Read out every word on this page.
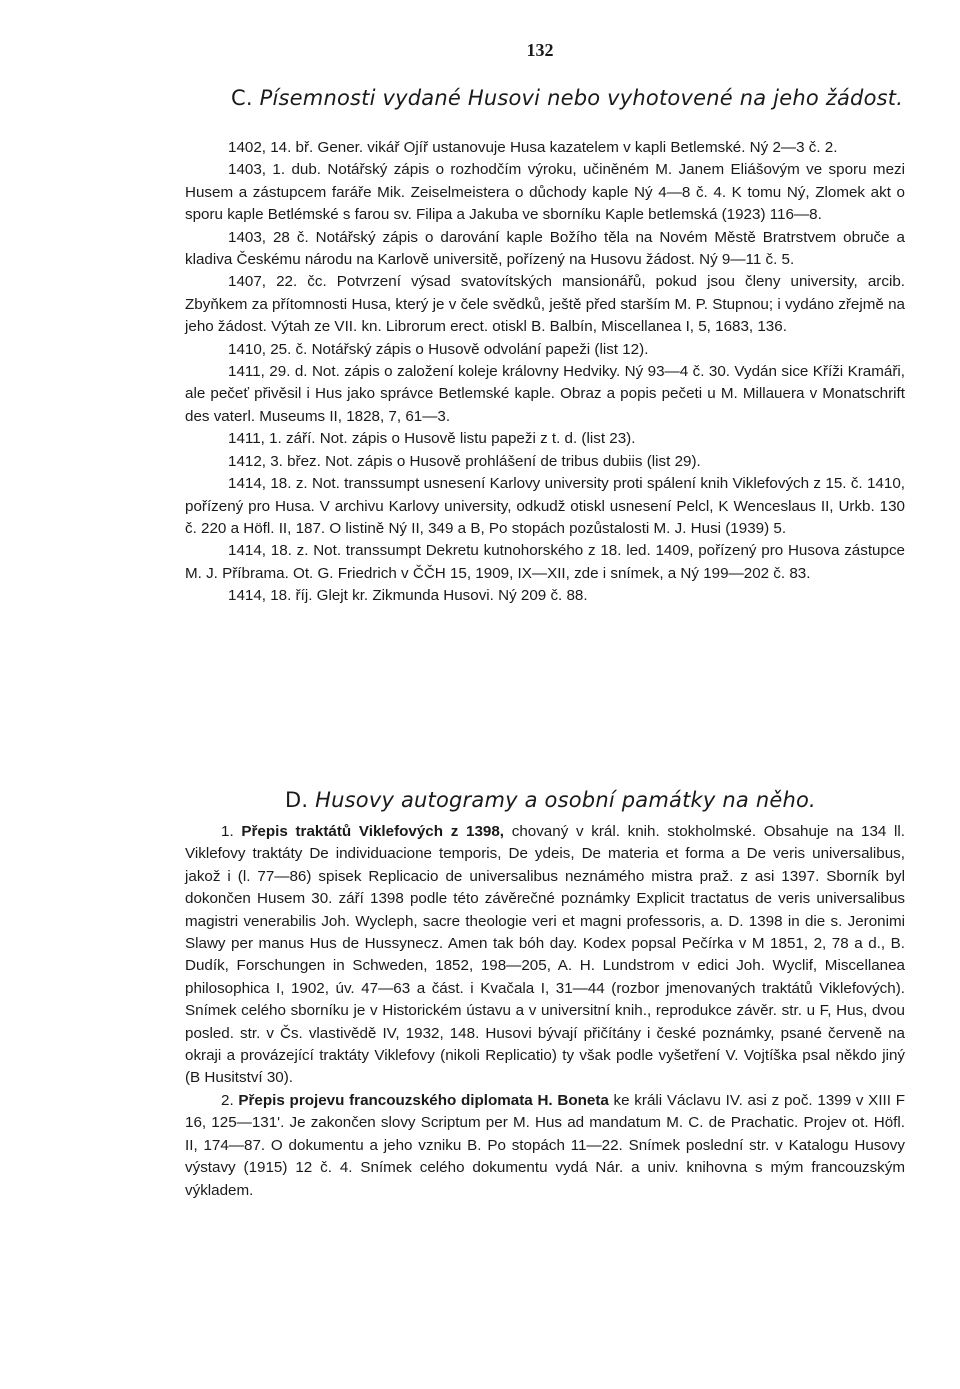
132
C. Písemnosti vydané Husovi nebo vyhotovené na jeho žádost.

1402, 14. bř. Gener. vikář Ojíř ustanovuje Husa kazatelem v kapli Betlemské. Ný 2—3 č. 2.

1403, 1. dub. Notářský zápis o rozhodčím výroku, učiněném M. Janem Eliášovým ve sporu mezi Husem a zástupcem faráře Mik. Zeiselmeistera o důchody kaple Ný 4—8 č. 4. K tomu Ný, Zlomek akt o sporu kaple Betlémské s farou sv. Filipa a Jakuba ve sborníku Kaple betlemská (1923) 116—8.

1403, 28 č. Notářský zápis o darování kaple Božího těla na Novém Městě Bratrstvem obruče a kladiva Českému národu na Karlově universitě, pořízený na Husovu žádost. Ný 9—11 č. 5.

1407, 22. čc. Potvrzení výsad svatovítských mansionářů, pokud jsou členy university, arcib. Zbyňkem za přítomnosti Husa, který je v čele svědků, ještě před starším M. P. Stupnou; i vydáno zřejmě na jeho žádost. Výtah ze VII. kn. Librorum erect. otiskl B. Balbín, Miscellanea I, 5, 1683, 136.

1410, 25. č. Notářský zápis o Husově odvolání papeži (list 12).

1411, 29. d. Not. zápis o založení koleje královny Hedviky. Ný 93—4 č. 30. Vydán sice Kříži Kramáři, ale pečeť přivěsil i Hus jako správce Betlemské kaple. Obraz a popis pečeti u M. Millauera v Monatschrift des vaterl. Museums II, 1828, 7, 61—3.

1411, 1. září. Not. zápis o Husově listu papeži z t. d. (list 23).

1412, 3. břez. Not. zápis o Husově prohlášení de tribus dubiis (list 29).

1414, 18. z. Not. transsumpt usnesení Karlovy university proti spálení knih Viklefových z 15. č. 1410, pořízený pro Husa. V archivu Karlovy university, odkudž otiskl usnesení Pelcl, K Wenceslaus II, Urkb. 130 č. 220 a Höfl. II, 187. O listině Ný II, 349 a B, Po stopách pozůstalosti M. J. Husi (1939) 5.

1414, 18. z. Not. transsumpt Dekretu kutnohorského z 18. led. 1409, pořízený pro Husova zástupce M. J. Příbrama. Ot. G. Friedrich v ČČH 15, 1909, IX—XII, zde i snímek, a Ný 199—202 č. 83.

1414, 18. říj. Glejt kr. Zikmunda Husovi. Ný 209 č. 88.

D. Husovy autogramy a osobní památky na něho.

1. Přepis traktátů Viklefových z 1398, chovaný v král. knih. stokholmské. Obsahuje na 134 ll. Viklefovy traktáty De individuacione temporis, De ydeis, De materia et forma a De veris universalibus, jakož i (l. 77—86) spisek Replicacio de universalibus neznámého mistra praž. z asi 1397. Sborník byl dokončen Husem 30. září 1398 podle této závěrečné poznámky Explicit tractatus de veris universalibus magistri venerabilis Joh. Wycleph, sacre theologie veri et magni professoris, a. D. 1398 in die s. Jeronimi Slawy per manus Hus de Hussynecz. Amen tak bóh day. Kodex popsal Pečírka v M 1851, 2, 78 a d., B. Dudík, Forschungen in Schweden, 1852, 198—205, A. H. Lundstrom v edici Joh. Wyclif, Miscellanea philosophica I, 1902, úv. 47—63 a část. i Kvačala I, 31—44 (rozbor jmenovaných traktátů Viklefových). Snímek celého sborníku je v Historickém ústavu a v universitní knih., reprodukce závěr. str. u F, Hus, dvou posled. str. v Čs. vlastivědě IV, 1932, 148. Husovi bývají přičítány i české poznámky, psané červeně na okraji a provázející traktáty Viklefovy (nikoli Replicatio) ty však podle vyšetření V. Vojtíška psal někdo jiný (B Husitství 30).

2. Přepis projevu francouzského diplomata H. Boneta ke králi Václavu IV. asi z poč. 1399 v XIII F 16, 125—131'. Je zakončen slovy Scriptum per M. Hus ad mandatum M. C. de Prachatic. Projev ot. Höfl. II, 174—87. O dokumentu a jeho vzniku B. Po stopách 11—22. Snímek poslední str. v Katalogu Husovy výstavy (1915) 12 č. 4. Snímek celého dokumentu vydá Nár. a univ. knihovna s mým francouzským výkladem.
